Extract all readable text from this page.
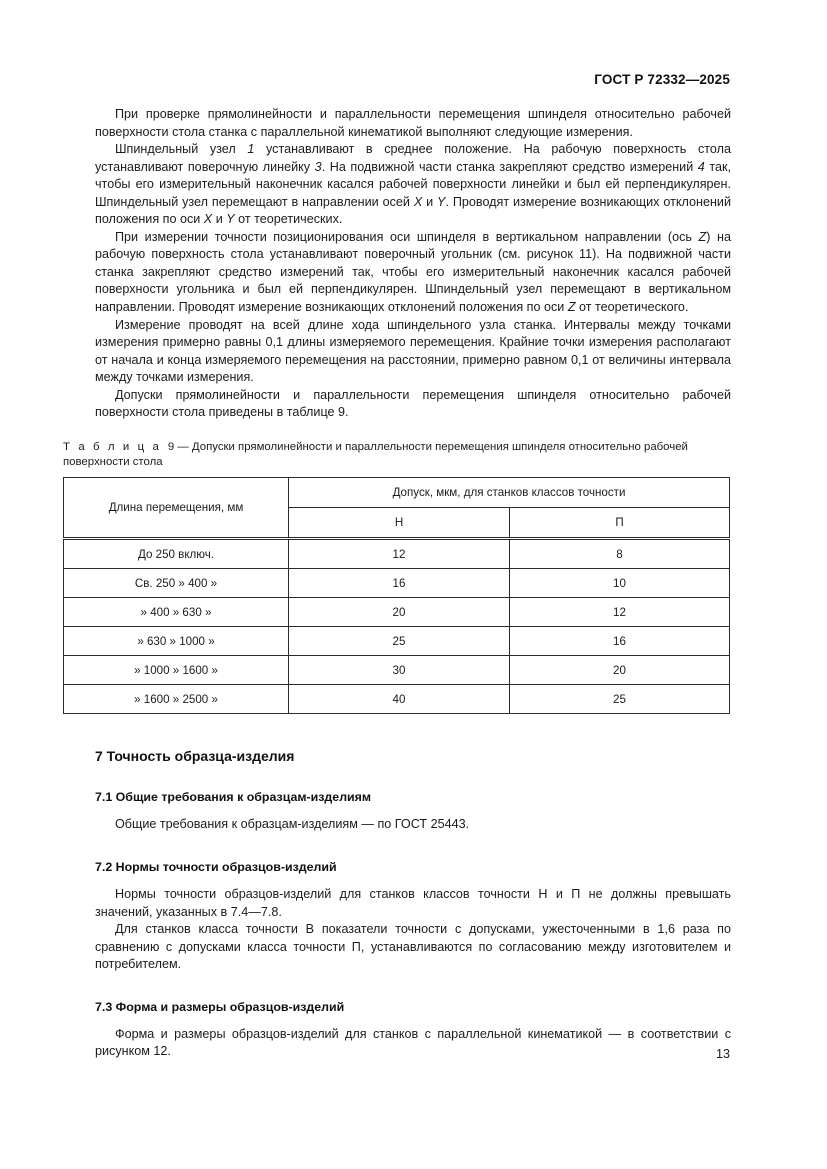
ГОСТ Р 72332—2025

При проверке прямолинейности и параллельности перемещения шпинделя относительно рабочей поверхности стола станка с параллельной кинематикой выполняют следующие измерения.

Шпиндельный узел 1 устанавливают в среднее положение. На рабочую поверхность стола устанавливают поверочную линейку 3. На подвижной части станка закрепляют средство измерений 4 так, чтобы его измерительный наконечник касался рабочей поверхности линейки и был ей перпендикулярен. Шпиндельный узел перемещают в направлении осей X и Y. Проводят измерение возникающих отклонений положения по оси X и Y от теоретических.

При измерении точности позиционирования оси шпинделя в вертикальном направлении (ось Z) на рабочую поверхность стола устанавливают поверочный угольник (см. рисунок 11). На подвижной части станка закрепляют средство измерений так, чтобы его измерительный наконечник касался рабочей поверхности угольника и был ей перпендикулярен. Шпиндельный узел перемещают в вертикальном направлении. Проводят измерение возникающих отклонений положения по оси Z от теоретического.

Измерение проводят на всей длине хода шпиндельного узла станка. Интервалы между точками измерения примерно равны 0,1 длины измеряемого перемещения. Крайние точки измерения располагают от начала и конца измеряемого перемещения на расстоянии, примерно равном 0,1 от величины интервала между точками измерения.

Допуски прямолинейности и параллельности перемещения шпинделя относительно рабочей поверхности стола приведены в таблице 9.

Т а б л и ц а 9 — Допуски прямолинейности и параллельности перемещения шпинделя относительно рабочей поверхности стола
Длина перемещения, мм	Допуск, мкм, для станков классов точности	
	Н	П
До 250 включ.	12	8
Св. 250 » 400 »	16	10
» 400 » 630 »	20	12
» 630 » 1000 »	25	16
» 1000 » 1600 »	30	20
» 1600 » 2500 »	40	25
7 Точность образца-изделия
7.1 Общие требования к образцам-изделиям

Общие требования к образцам-изделиям — по ГОСТ 25443.

7.2 Нормы точности образцов-изделий

Нормы точности образцов-изделий для станков классов точности Н и П не должны превышать значений, указанных в 7.4—7.8.

Для станков класса точности В показатели точности с допусками, ужесточенными в 1,6 раза по сравнению с допусками класса точности П, устанавливаются по согласованию между изготовителем и потребителем.

7.3 Форма и размеры образцов-изделий

Форма и размеры образцов-изделий для станков с параллельной кинематикой — в соответствии с рисунком 12.	13
